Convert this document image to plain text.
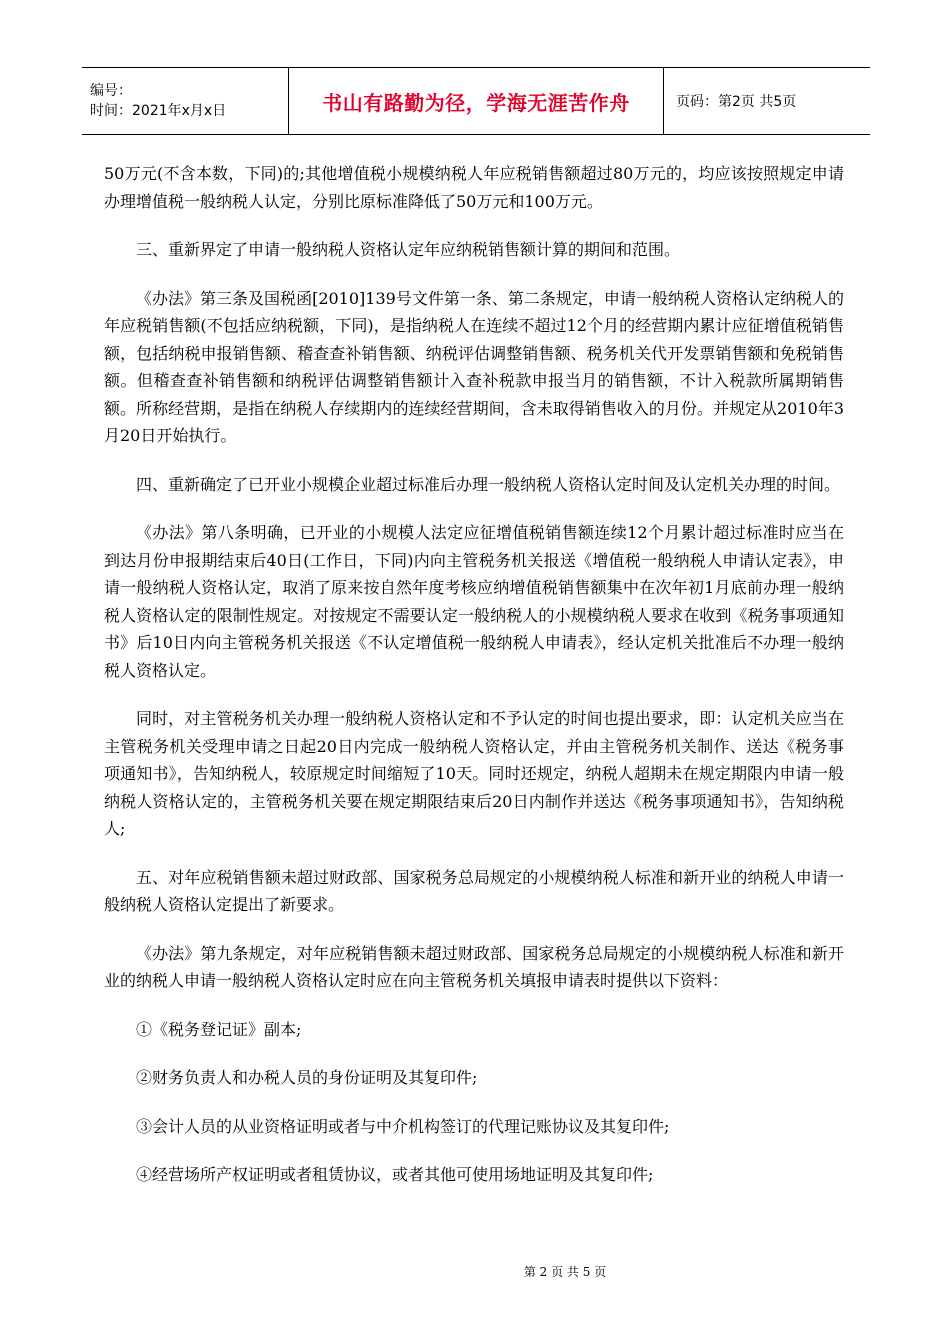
编号：
时间：2021年x月x日	书山有路勤为径，学海无涯苦作舟	页码：第2页 共5页

50万元(不含本数，下同)的;其他增值税小规模纳税人年应税销售额超过80万元的，均应该按照规定申请办理增值税一般纳税人认定，分别比原标准降低了50万元和100万元。

三、重新界定了申请一般纳税人资格认定年应纳税销售额计算的期间和范围。

《办法》第三条及国税函[2010]139号文件第一条、第二条规定，申请一般纳税人资格认定纳税人的年应税销售额(不包括应纳税额，下同)，是指纳税人在连续不超过12个月的经营期内累计应征增值税销售额，包括纳税申报销售额、稽查查补销售额、纳税评估调整销售额、税务机关代开发票销售额和免税销售额。但稽查查补销售额和纳税评估调整销售额计入查补税款申报当月的销售额，不计入税款所属期销售额。所称经营期，是指在纳税人存续期内的连续经营期间，含未取得销售收入的月份。并规定从2010年3月20日开始执行。

四、重新确定了已开业小规模企业超过标准后办理一般纳税人资格认定时间及认定机关办理的时间。

《办法》第八条明确，已开业的小规模人法定应征增值税销售额连续12个月累计超过标准时应当在到达月份申报期结束后40日(工作日，下同)内向主管税务机关报送《增值税一般纳税人申请认定表》，申请一般纳税人资格认定，取消了原来按自然年度考核应纳增值税销售额集中在次年初1月底前办理一般纳税人资格认定的限制性规定。对按规定不需要认定一般纳税人的小规模纳税人要求在收到《税务事项通知书》后10日内向主管税务机关报送《不认定增值税一般纳税人申请表》，经认定机关批准后不办理一般纳税人资格认定。

同时，对主管税务机关办理一般纳税人资格认定和不予认定的时间也提出要求，即：认定机关应当在主管税务机关受理申请之日起20日内完成一般纳税人资格认定，并由主管税务机关制作、送达《税务事项通知书》，告知纳税人，较原规定时间缩短了10天。同时还规定，纳税人超期未在规定期限内申请一般纳税人资格认定的，主管税务机关要在规定期限结束后20日内制作并送达《税务事项通知书》，告知纳税人;

五、对年应税销售额未超过财政部、国家税务总局规定的小规模纳税人标准和新开业的纳税人申请一般纳税人资格认定提出了新要求。

《办法》第九条规定，对年应税销售额未超过财政部、国家税务总局规定的小规模纳税人标准和新开业的纳税人申请一般纳税人资格认定时应在向主管税务机关填报申请表时提供以下资料：

①《税务登记证》副本;

②财务负责人和办税人员的身份证明及其复印件;

③会计人员的从业资格证明或者与中介机构签订的代理记账协议及其复印件;

④经营场所产权证明或者租赁协议，或者其他可使用场地证明及其复印件;

第 2 页 共 5 页
